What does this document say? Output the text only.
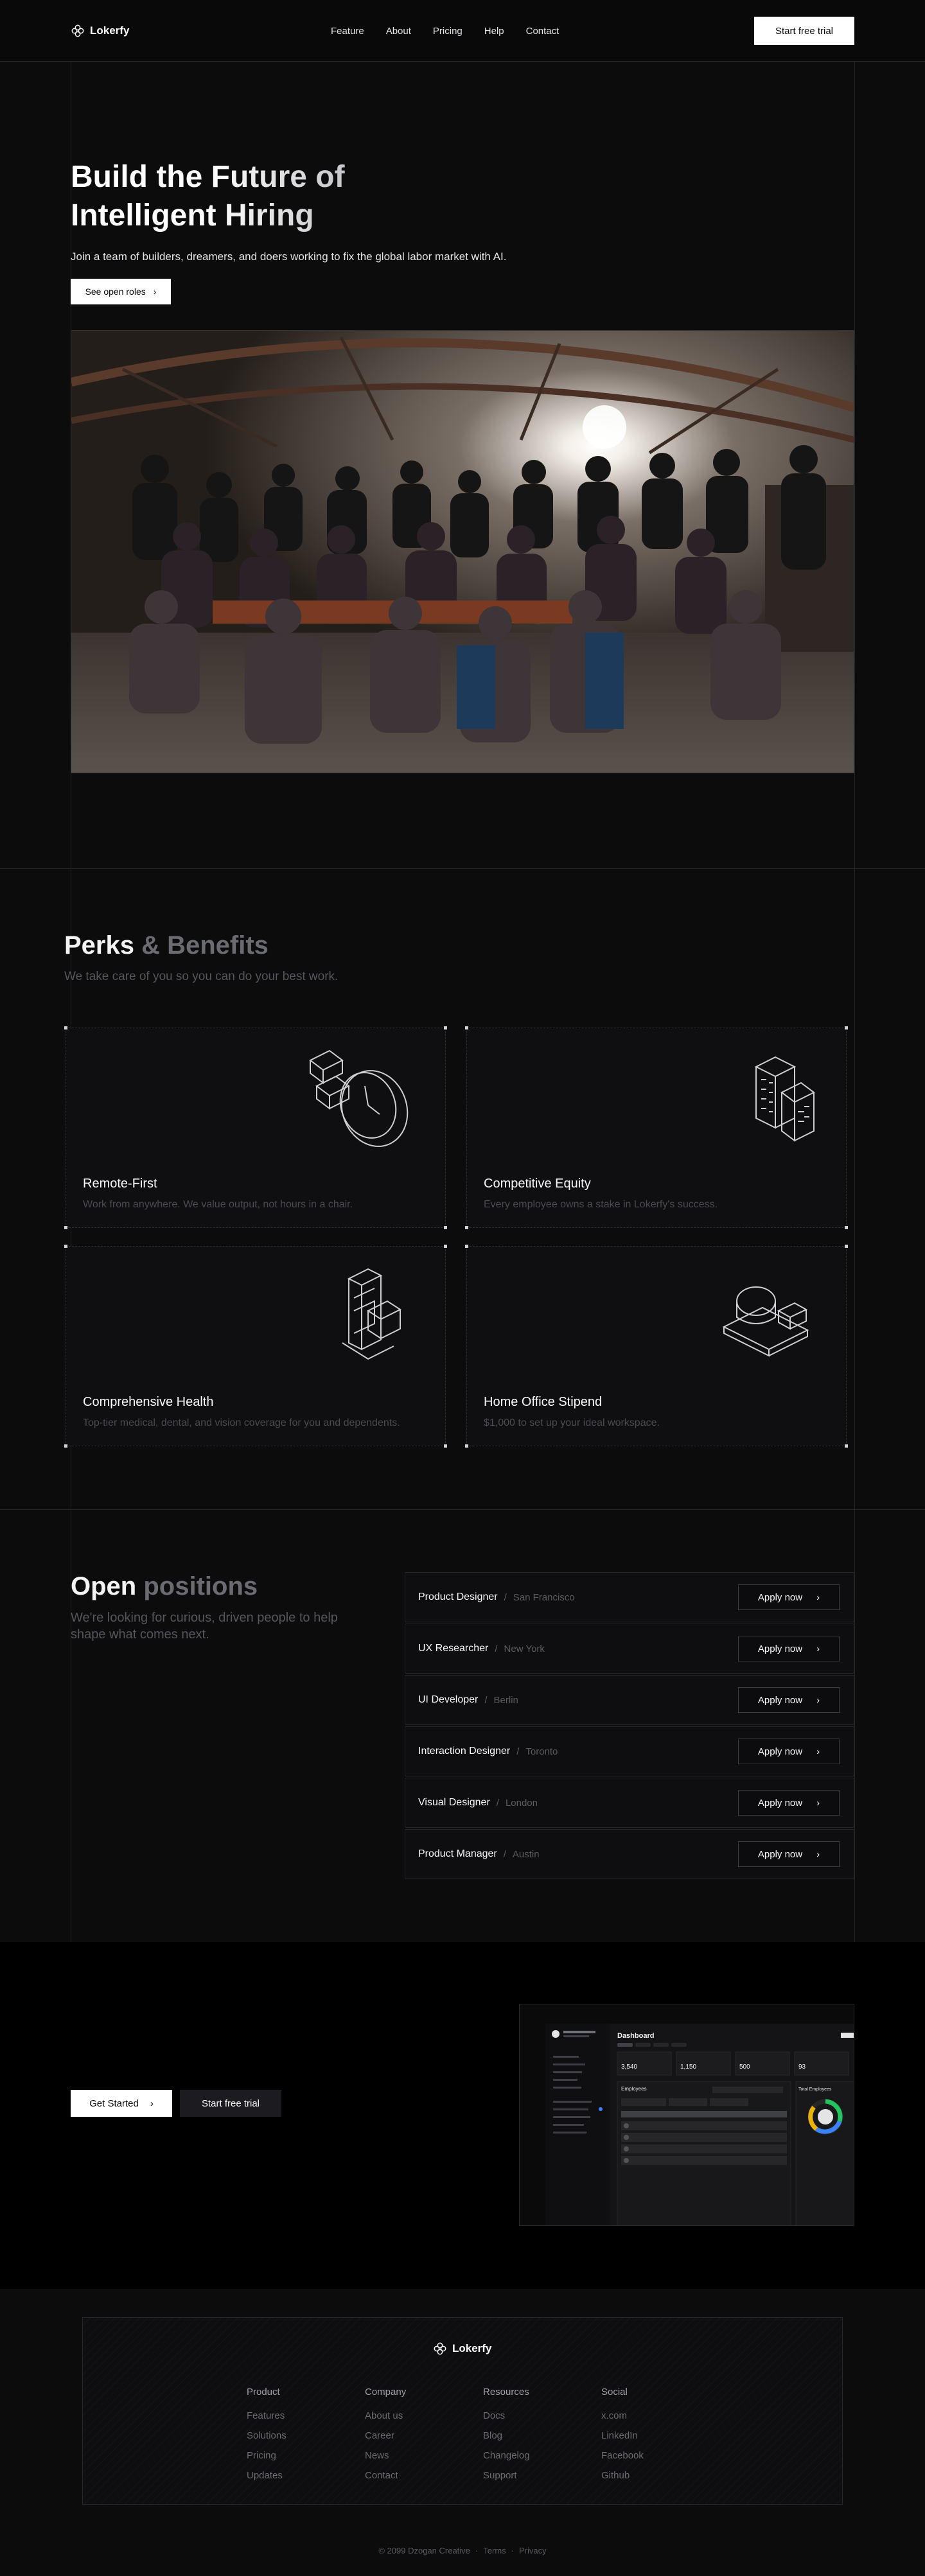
Lokerfy	Feature About Pricing Help Contact	Start free trial
Build the Future of
Intelligent Hiring

Join a team of builders, dreamers, and doers working to fix the global labor market with AI.

See open roles ›
Perks & Benefits

We take care of you so you can do your best work.

Remote-First

Work from anywhere. We value output, not hours in a chair.

Competitive Equity

Every employee owns a stake in Lokerfy's success.

Comprehensive Health

Top-tier medical, dental, and vision coverage for you and dependents.

Home Office Stipend

$1,000 to set up your ideal workspace.

Open positions

We're looking for curious, driven people to help shape what comes next.

Product Designer / San Francisco	Apply now ›
UX Researcher / New York	Apply now ›
UI Developer / Berlin	Apply now ›
Interaction Designer / Toronto	Apply now ›
Visual Designer / London	Apply now ›
Product Manager / Austin	Apply now ›

Get Started ›	Start free trial
Dashboard
3,540	1,150	500	93
Employees	Total Employees
Lokerfy
Product
Features
Solutions
Pricing
Updates
Company
About us
Career
News
Contact
Resources
Docs
Blog
Changelog
Support
Social
x.com
LinkedIn
Facebook
Github
© 2099 Dzogan Creative · Terms · Privacy
